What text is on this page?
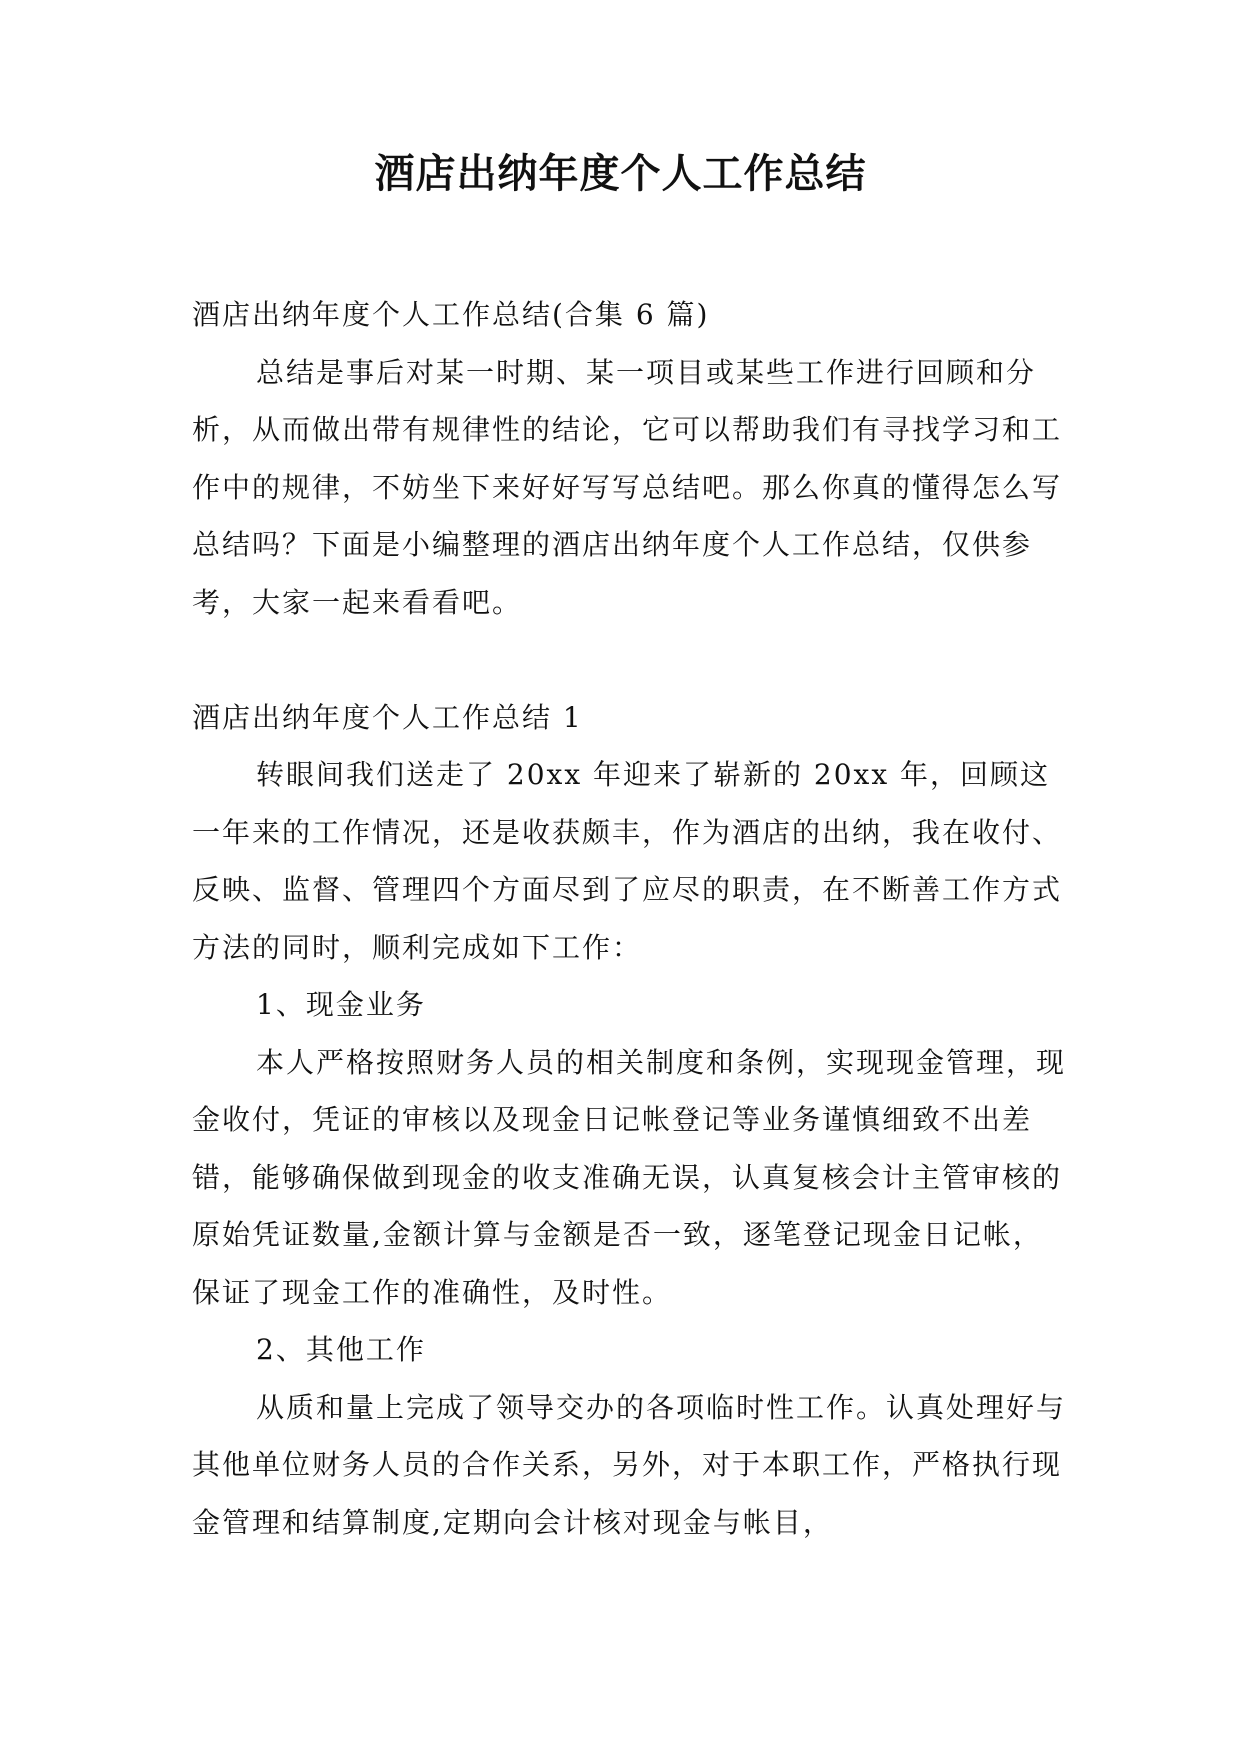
酒店出纳年度个人工作总结

酒店出纳年度个人工作总结(合集 6 篇)

总结是事后对某一时期、某一项目或某些工作进行回顾和分析，从而做出带有规律性的结论，它可以帮助我们有寻找学习和工作中的规律，不妨坐下来好好写写总结吧。那么你真的懂得怎么写总结吗？下面是小编整理的酒店出纳年度个人工作总结，仅供参考，大家一起来看看吧。

酒店出纳年度个人工作总结 1

转眼间我们送走了 20xx 年迎来了崭新的 20xx 年，回顾这一年来的工作情况，还是收获颇丰，作为酒店的出纳，我在收付、反映、监督、管理四个方面尽到了应尽的职责，在不断善工作方式方法的同时，顺利完成如下工作：

1、现金业务

本人严格按照财务人员的相关制度和条例，实现现金管理，现金收付，凭证的审核以及现金日记帐登记等业务谨慎细致不出差错，能够确保做到现金的收支准确无误，认真复核会计主管审核的原始凭证数量,金额计算与金额是否一致，逐笔登记现金日记帐，保证了现金工作的准确性，及时性。

2、其他工作

从质和量上完成了领导交办的各项临时性工作。认真处理好与其他单位财务人员的合作关系，另外，对于本职工作，严格执行现金管理和结算制度,定期向会计核对现金与帐目，
